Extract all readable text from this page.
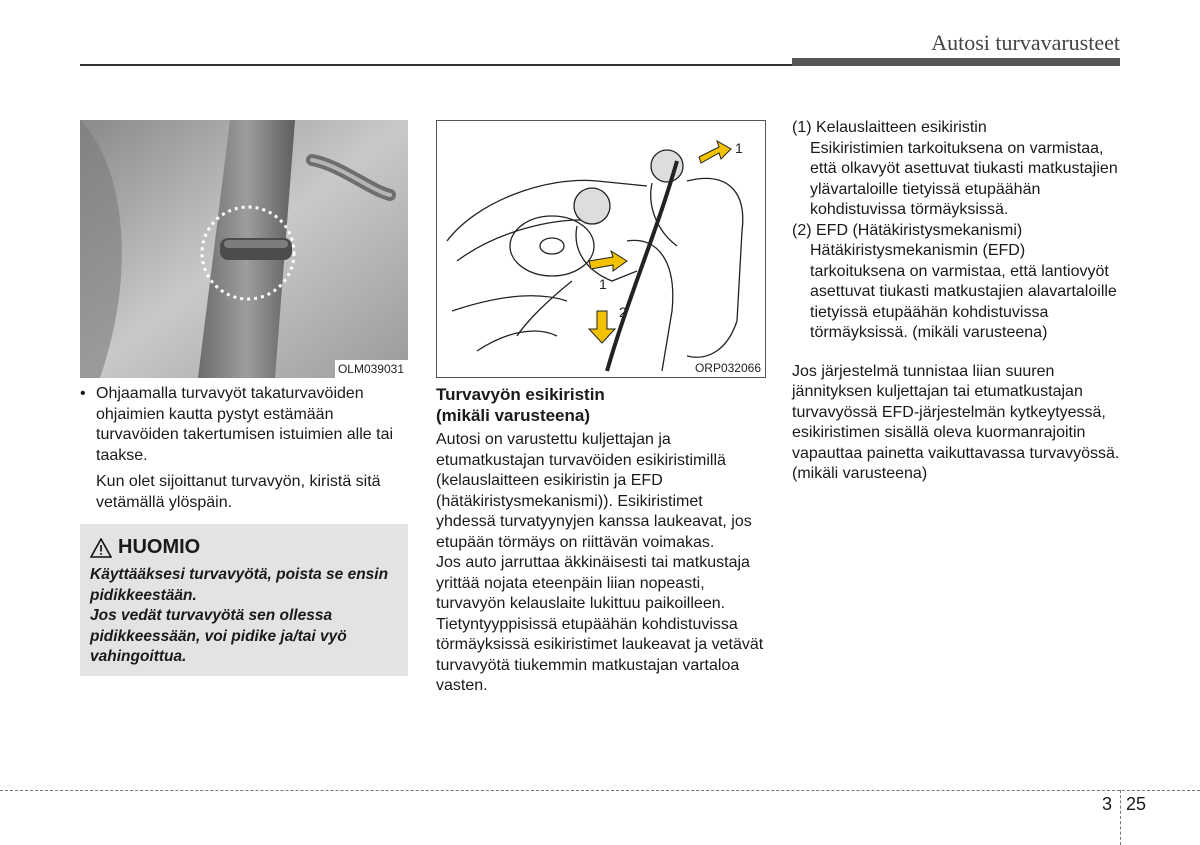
Autosi turvavarusteet
OLM039031
1
1
2
ORP032066
• Ohjaamalla turvavyöt takaturvavöiden ohjaimien kautta pystyt estämään turvavöiden takertumisen istuimien alle tai taakse.
Kun olet sijoittanut turvavyön, kiristä sitä vetämällä ylöspäin.
HUOMIO
Käyttääksesi turvavyötä, poista se ensin pidikkeestään.
Jos vedät turvavyötä sen ollessa pidikkeessään, voi pidike ja/tai vyö vahingoittua.
Turvavyön esikiristin
(mikäli varusteena)

Autosi on varustettu kuljettajan ja etumatkustajan turvavöiden esikiristimillä (kelauslaitteen esikiristin ja EFD (hätäkiristysmekanismi)). Esikiristimet yhdessä turvatyynyjen kanssa laukeavat, jos etupään törmäys on riittävän voimakas.

Jos auto jarruttaa äkkinäisesti tai matkustaja yrittää nojata eteenpäin liian nopeasti, turvavyön kelauslaite lukittuu paikoilleen. Tietyntyyppisissä etupäähän kohdistuvissa törmäyksissä esikiristimet laukeavat ja vetävät turvavyötä tiukemmin matkustajan vartaloa vasten.

(1) Kelauslaitteen esikiristin

Esikiristimien tarkoituksena on varmistaa, että olkavyöt asettuvat tiukasti matkustajien ylävartaloille tietyissä etupäähän kohdistuvissa törmäyksissä.

(2) EFD (Hätäkiristysmekanismi)

Hätäkiristysmekanismin (EFD) tarkoituksena on varmistaa, että lantiovyöt asettuvat tiukasti matkustajien alavartaloille tietyissä etupäähän kohdistuvissa törmäyksissä. (mikäli varusteena)

Jos järjestelmä tunnistaa liian suuren jännityksen kuljettajan tai etumatkustajan turvavyössä EFD-järjestelmän kytkeytyessä, esikiristimen sisällä oleva kuormanrajoitin vapauttaa painetta vaikuttavassa turvavyössä. (mikäli varusteena)

3 25
